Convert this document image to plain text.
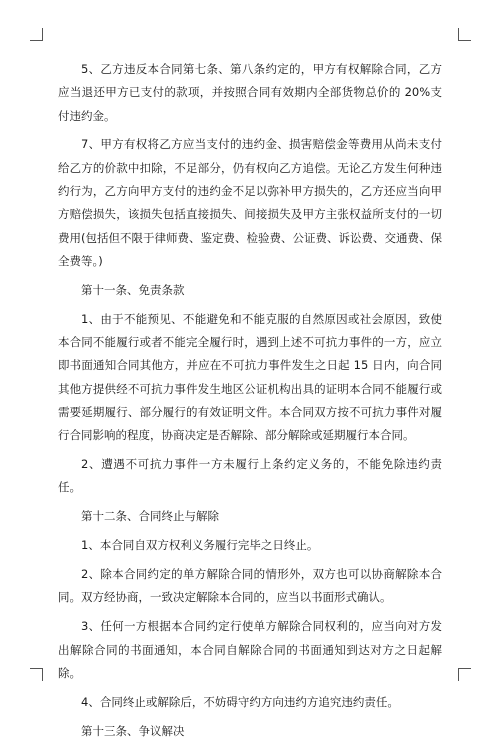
5、乙方违反本合同第七条、第八条约定的，甲方有权解除合同，乙方应当退还甲方已支付的款项，并按照合同有效期内全部货物总价的 20%支付违约金。

7、甲方有权将乙方应当支付的违约金、损害赔偿金等费用从尚未支付给乙方的价款中扣除，不足部分，仍有权向乙方追偿。无论乙方发生何种违约行为，乙方向甲方支付的违约金不足以弥补甲方损失的，乙方还应当向甲方赔偿损失，该损失包括直接损失、间接损失及甲方主张权益所支付的一切费用(包括但不限于律师费、鉴定费、检验费、公证费、诉讼费、交通费、保全费等。)

第十一条、免责条款

1、由于不能预见、不能避免和不能克服的自然原因或社会原因，致使本合同不能履行或者不能完全履行时，遇到上述不可抗力事件的一方，应立即书面通知合同其他方，并应在不可抗力事件发生之日起 15 日内，向合同其他方提供经不可抗力事件发生地区公证机构出具的证明本合同不能履行或需要延期履行、部分履行的有效证明文件。本合同双方按不可抗力事件对履行合同影响的程度，协商决定是否解除、部分解除或延期履行本合同。

2、遭遇不可抗力事件一方未履行上条约定义务的，不能免除违约责任。

第十二条、合同终止与解除

1、本合同自双方权利义务履行完毕之日终止。

2、除本合同约定的单方解除合同的情形外，双方也可以协商解除本合同。双方经协商，一致决定解除本合同的，应当以书面形式确认。

3、任何一方根据本合同约定行使单方解除合同权利的，应当向对方发出解除合同的书面通知，本合同自解除合同的书面通知到达对方之日起解除。

4、合同终止或解除后，不妨碍守约方向违约方追究违约责任。

第十三条、争议解决
